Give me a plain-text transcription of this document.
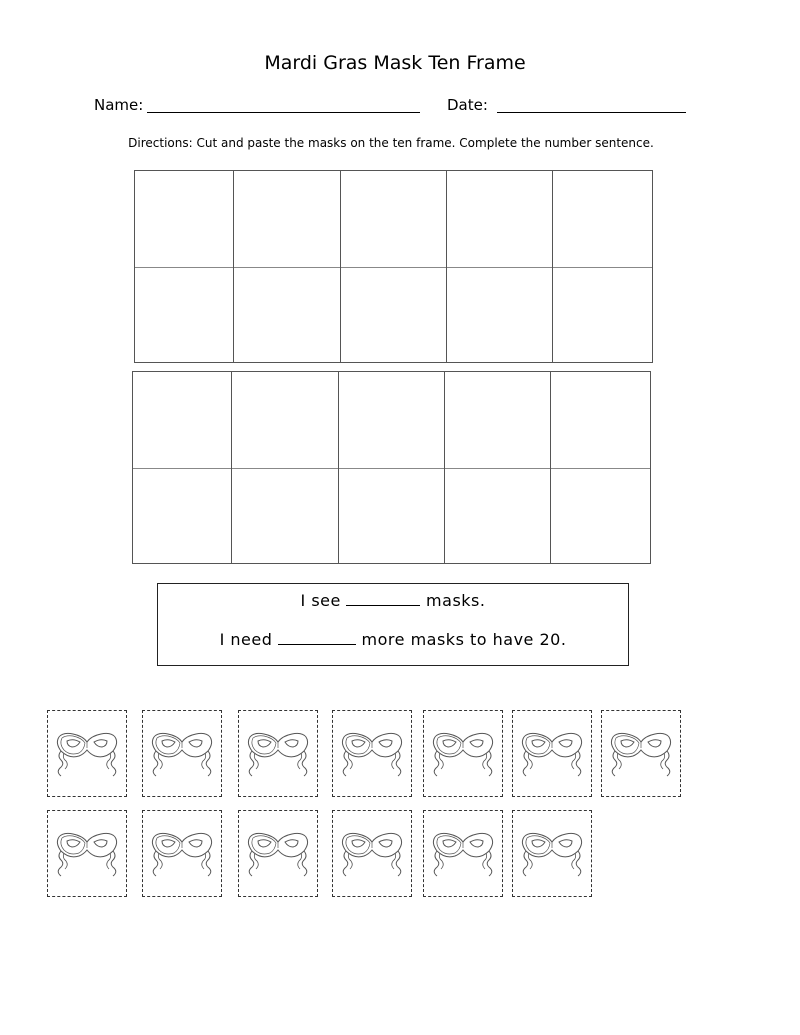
Mardi Gras Mask Ten Frame
Name:	Date:
Directions: Cut and paste the masks on the ten frame. Complete the number sentence.
I see	masks.
I need	more masks to have 20.
